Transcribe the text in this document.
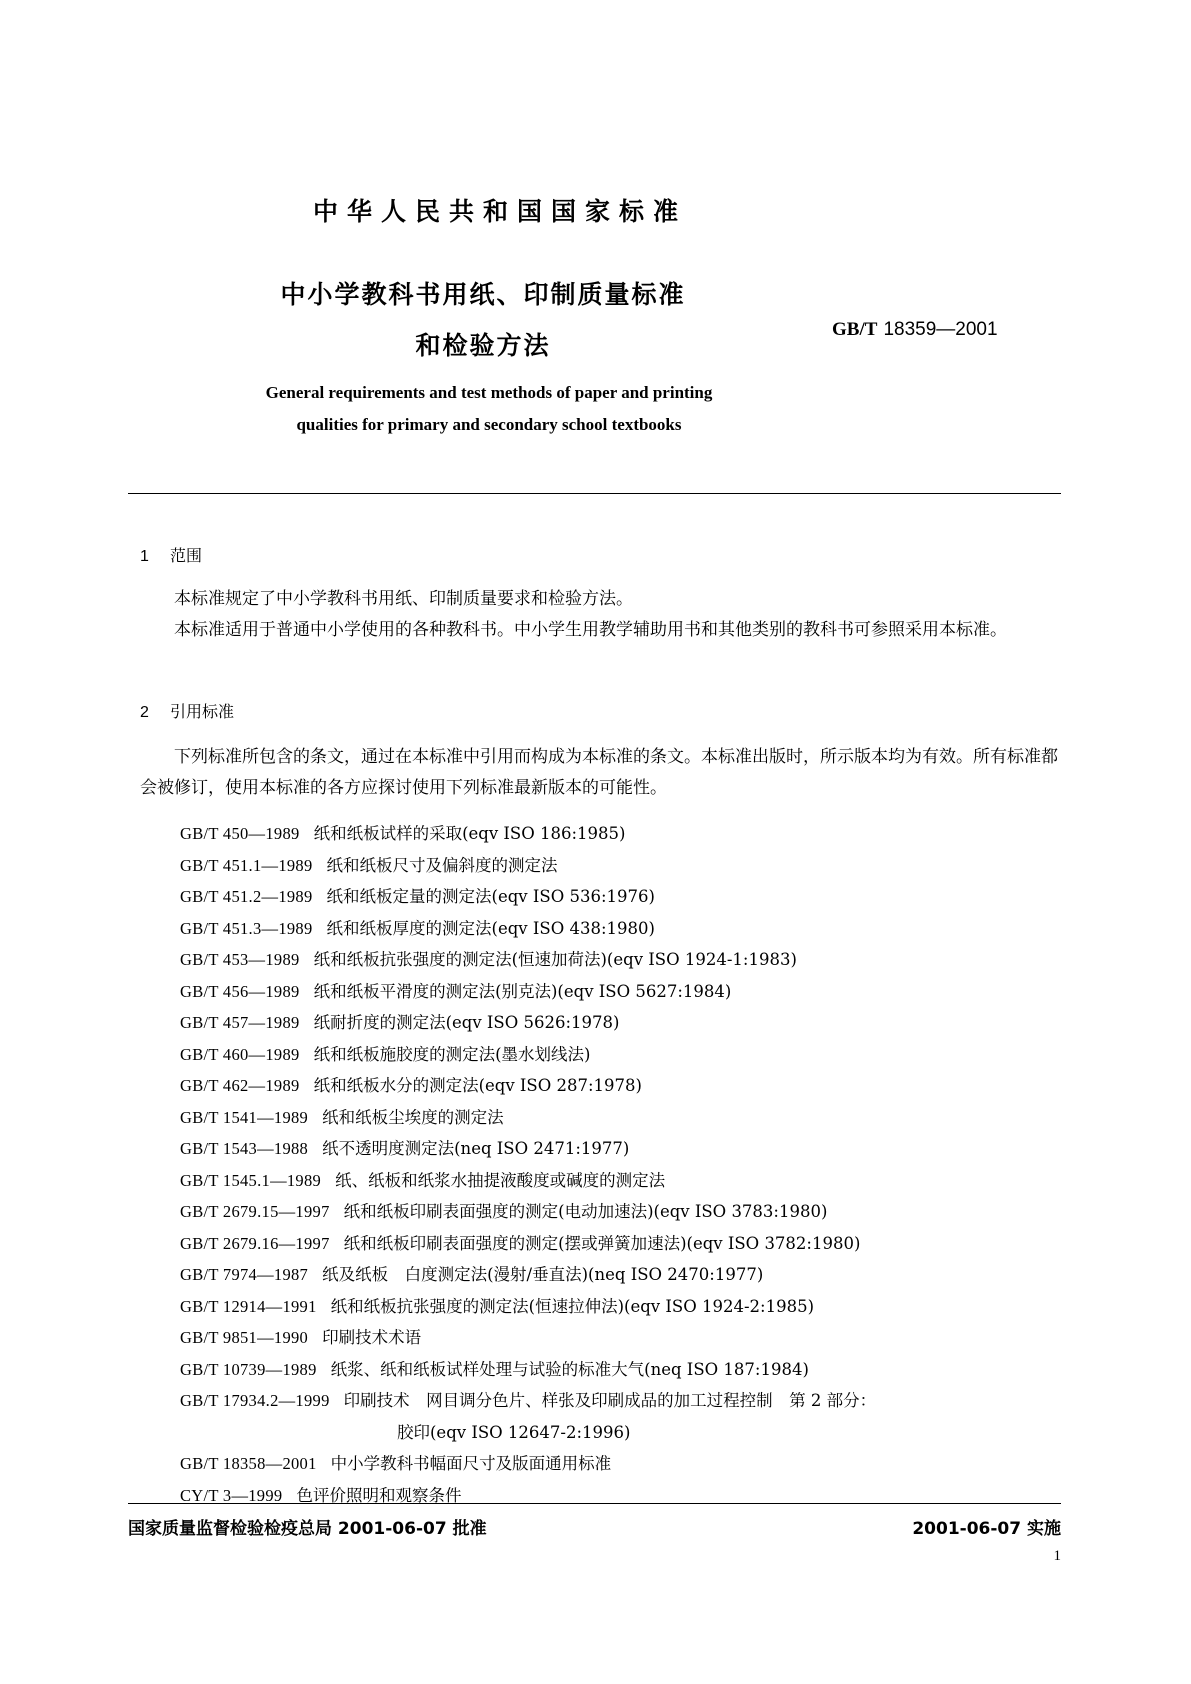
中华人民共和国国家标准
中小学教科书用纸、印制质量标准
和检验方法
GB/T 18359—2001
General requirements and test methods of paper and printing
qualities for primary and secondary school textbooks
1 范围

本标准规定了中小学教科书用纸、印制质量要求和检验方法。

本标准适用于普通中小学使用的各种教科书。中小学生用教学辅助用书和其他类别的教科书可参照采用本标准。

2 引用标准

下列标准所包含的条文，通过在本标准中引用而构成为本标准的条文。本标准出版时，所示版本均为有效。所有标准都会被修订，使用本标准的各方应探讨使用下列标准最新版本的可能性。

GB/T 450—1989 纸和纸板试样的采取(eqv ISO 186:1985)
GB/T 451.1—1989 纸和纸板尺寸及偏斜度的测定法
GB/T 451.2—1989 纸和纸板定量的测定法(eqv ISO 536:1976)
GB/T 451.3—1989 纸和纸板厚度的测定法(eqv ISO 438:1980)
GB/T 453—1989 纸和纸板抗张强度的测定法(恒速加荷法)(eqv ISO 1924-1:1983)
GB/T 456—1989 纸和纸板平滑度的测定法(别克法)(eqv ISO 5627:1984)
GB/T 457—1989 纸耐折度的测定法(eqv ISO 5626:1978)
GB/T 460—1989 纸和纸板施胶度的测定法(墨水划线法)
GB/T 462—1989 纸和纸板水分的测定法(eqv ISO 287:1978)
GB/T 1541—1989 纸和纸板尘埃度的测定法
GB/T 1543—1988 纸不透明度测定法(neq ISO 2471:1977)
GB/T 1545.1—1989 纸、纸板和纸浆水抽提液酸度或碱度的测定法
GB/T 2679.15—1997 纸和纸板印刷表面强度的测定(电动加速法)(eqv ISO 3783:1980)
GB/T 2679.16—1997 纸和纸板印刷表面强度的测定(摆或弹簧加速法)(eqv ISO 3782:1980)
GB/T 7974—1987 纸及纸板　白度测定法(漫射/垂直法)(neq ISO 2470:1977)
GB/T 12914—1991 纸和纸板抗张强度的测定法(恒速拉伸法)(eqv ISO 1924-2:1985)
GB/T 9851—1990 印刷技术术语
GB/T 10739—1989 纸浆、纸和纸板试样处理与试验的标准大气(neq ISO 187:1984)
GB/T 17934.2—1999 印刷技术　网目调分色片、样张及印刷成品的加工过程控制　第 2 部分：
胶印(eqv ISO 12647-2:1996)
GB/T 18358—2001 中小学教科书幅面尺寸及版面通用标准
CY/T 3—1999 色评价照明和观察条件
国家质量监督检验检疫总局 2001-06-07 批准	2001-06-07 实施
1
